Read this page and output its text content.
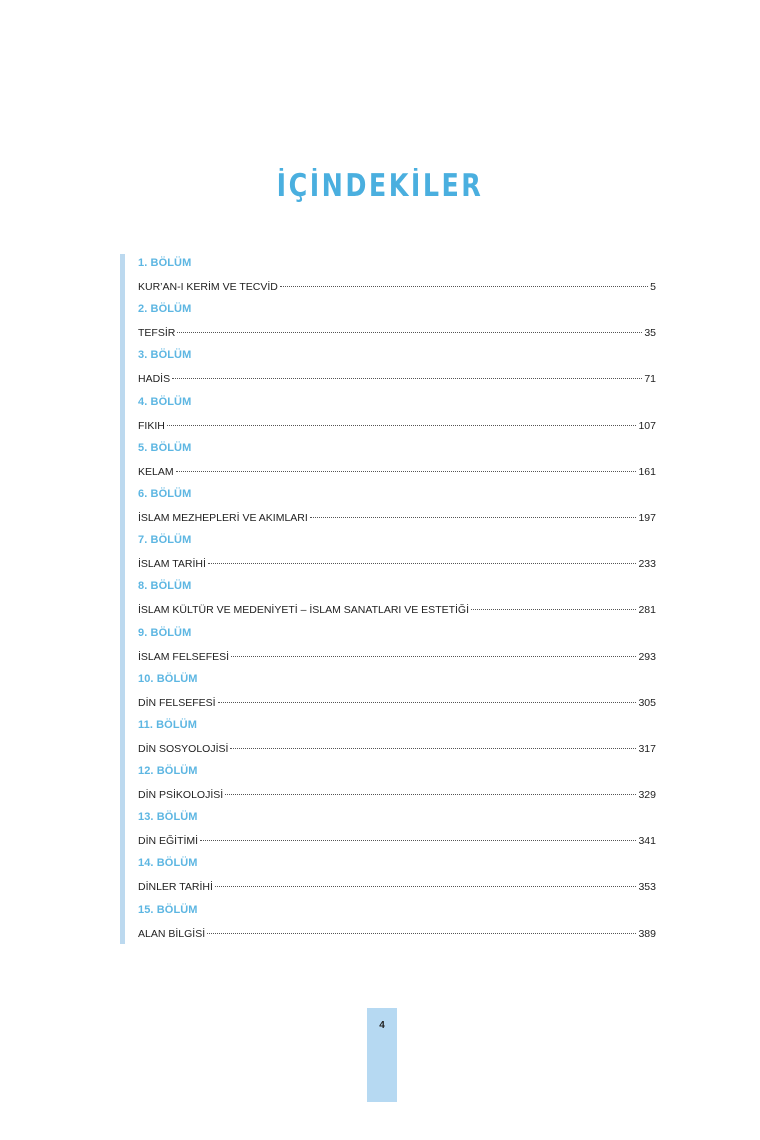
İÇİNDEKİLER
1. BÖLÜM
KUR’AN-I KERİM VE TECVİD	5
2. BÖLÜM
TEFSİR	35
3. BÖLÜM
HADİS	71
4. BÖLÜM
FIKIH	107
5. BÖLÜM
KELAM	161
6. BÖLÜM
İSLAM MEZHEPLERİ VE AKIMLARI	197
7. BÖLÜM
İSLAM TARİHİ	233
8. BÖLÜM
İSLAM KÜLTÜR VE MEDENİYETİ – İSLAM SANATLARI VE ESTETİĞİ	281
9. BÖLÜM
İSLAM FELSEFESİ	293
10. BÖLÜM
DİN FELSEFESİ	305
11. BÖLÜM
DİN SOSYOLOJİSİ	317
12. BÖLÜM
DİN PSİKOLOJİSİ	329
13. BÖLÜM
DİN EĞİTİMİ	341
14. BÖLÜM
DİNLER TARİHİ	353
15. BÖLÜM
ALAN BİLGİSİ	389
4
